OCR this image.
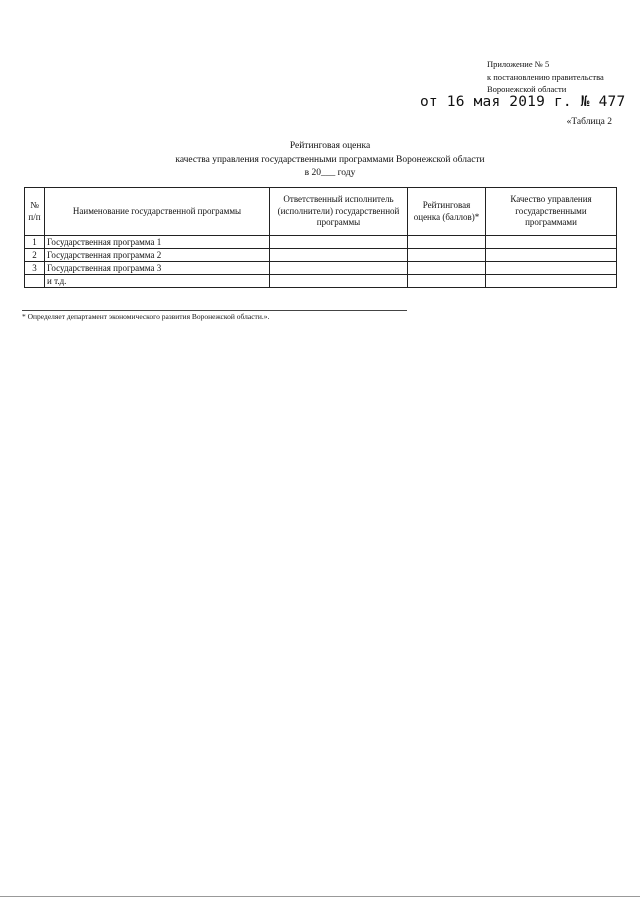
Приложение № 5
к постановлению правительства
Воронежской области
от 16 мая 2019 г. № 477
«Таблица 2
Рейтинговая оценка
качества управления государственными программами Воронежской области
в 20___ году
№ п/п	Наименование государственной программы	Ответственный исполнитель (исполнители) государственной программы	Рейтинговая оценка (баллов)*	Качество управления государственными программами
1	Государственная программа 1			
2	Государственная программа 2			
3	Государственная программа 3			
	и т.д.			
* Определяет департамент экономического развития Воронежской области.».
